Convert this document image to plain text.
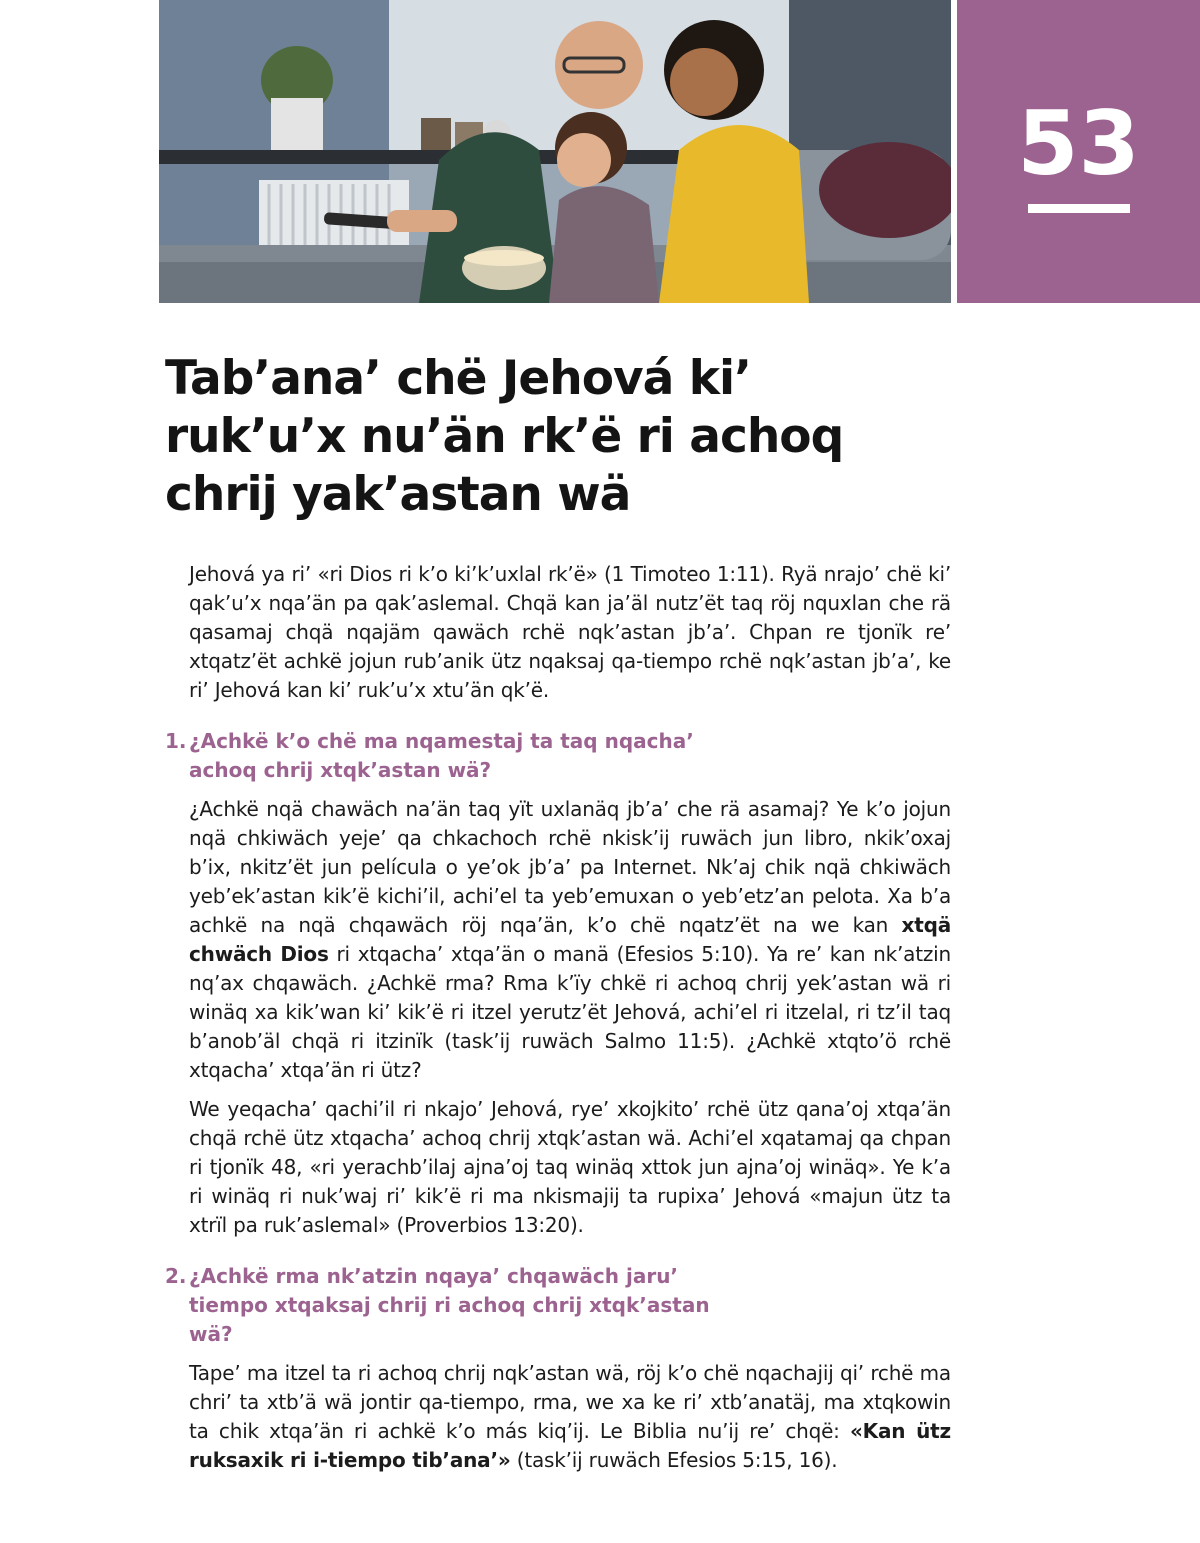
53
Tab’ana’ chë Jehová ki’ ruk’u’x nu’än rk’ë ri achoq chrij yak’astan wä

Jehová ya ri’ «ri Dios ri k’o ki’k’uxlal rk’ë» (1 Timoteo 1:11). Ryä nrajo’ chë ki’ qak’u’x nqa’än pa qak’aslemal. Chqä kan ja’äl nutz’ët taq röj nquxlan che rä qasamaj chqä nqajäm qawäch rchë nqk’astan jb’a’. Chpan re tjonïk re’ xtqatz’ët achkë jojun rub’anik ütz nqaksaj qa-tiempo rchë nqk’astan jb’a’, ke ri’ Jehová kan ki’ ruk’u’x xtu’än qk’ë.

1. ¿Achkë k’o chë ma nqamestaj ta taq nqacha’ achoq chrij xtqk’astan wä?

¿Achkë nqä chawäch na’än taq yït uxlanäq jb’a’ che rä asamaj? Ye k’o jojun nqä chkiwäch yeje’ qa chkachoch rchë nkisk’ij ruwäch jun libro, nkik’oxaj b’ix, nkitz’ët jun película o ye’ok jb’a’ pa Internet. Nk’aj chik nqä chkiwäch yeb’ek’astan kik’ë kichi’il, achi’el ta yeb’emuxan o yeb’etz’an pelota. Xa b’a achkë na nqä chqawäch röj nqa’än, k’o chë nqatz’ët na we kan xtqä chwäch Dios ri xtqacha’ xtqa’än o manä (Efesios 5:10). Ya re’ kan nk’atzin nq’ax chqawäch. ¿Achkë rma? Rma k’ïy chkë ri achoq chrij yek’astan wä ri winäq xa kik’wan ki’ kik’ë ri itzel yerutz’ët Jehová, achi’el ri itzelal, ri tz’il taq b’anob’äl chqä ri itzinïk (task’ij ruwäch Salmo 11:5). ¿Achkë xtqto’ö rchë xtqacha’ xtqa’än ri ütz?

We yeqacha’ qachi’il ri nkajo’ Jehová, rye’ xkojkito’ rchë ütz qana’oj xtqa’än chqä rchë ütz xtqacha’ achoq chrij xtqk’astan wä. Achi’el xqatamaj qa chpan ri tjonïk 48, «ri yerachb’ilaj ajna’oj taq winäq xttok jun ajna’oj winäq». Ye k’a ri winäq ri nuk’waj ri’ kik’ë ri ma nkismajij ta rupixa’ Jehová «majun ütz ta xtrïl pa ruk’aslemal» (Proverbios 13:20).

2. ¿Achkë rma nk’atzin nqaya’ chqawäch jaru’ tiempo xtqaksaj chrij ri achoq chrij xtqk’astan wä?

Tape’ ma itzel ta ri achoq chrij nqk’astan wä, röj k’o chë nqachajij qi’ rchë ma chri’ ta xtb’ä wä jontir qa-tiempo, rma, we xa ke ri’ xtb’anatäj, ma xtqkowin ta chik xtqa’än ri achkë k’o más kiq’ij. Le Biblia nu’ij re’ chqë: «Kan ütz ruksaxik ri i-tiempo tib’ana’» (task’ij ruwäch Efesios 5:15, 16).
